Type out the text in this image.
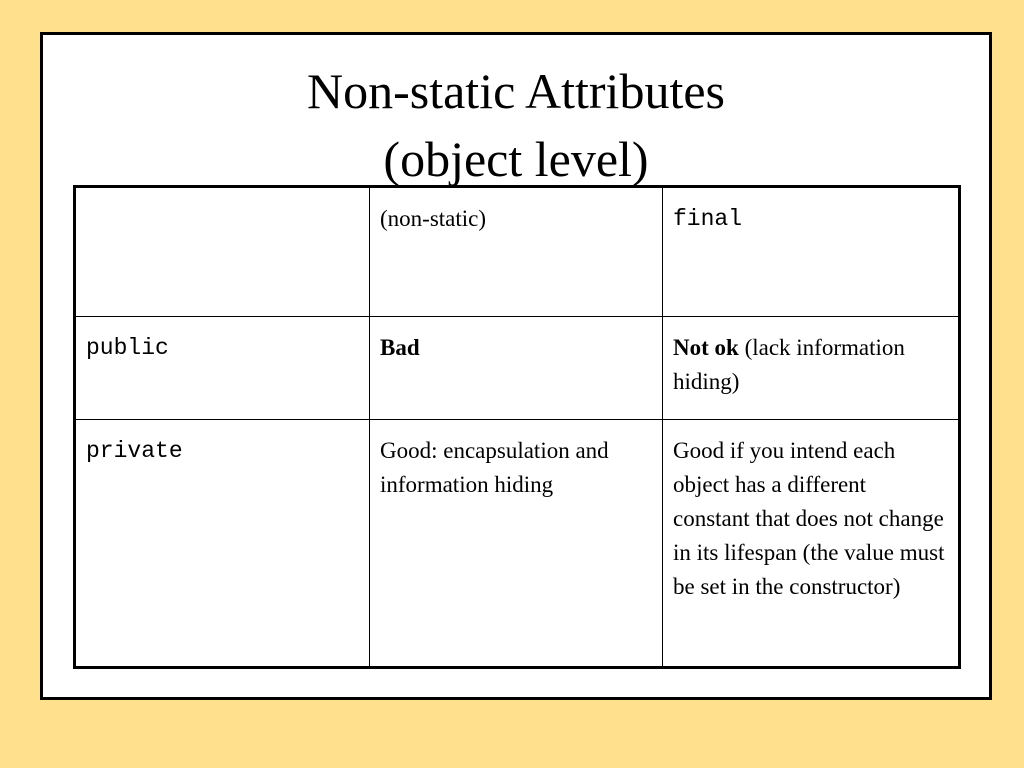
Non-static Attributes
(object level)
	(non-static)	final
public	Bad	Not ok (lack information hiding)
private	Good: encapsulation and information hiding	Good if you intend each object has a different constant that does not change in its lifespan (the value must be set in the constructor)
